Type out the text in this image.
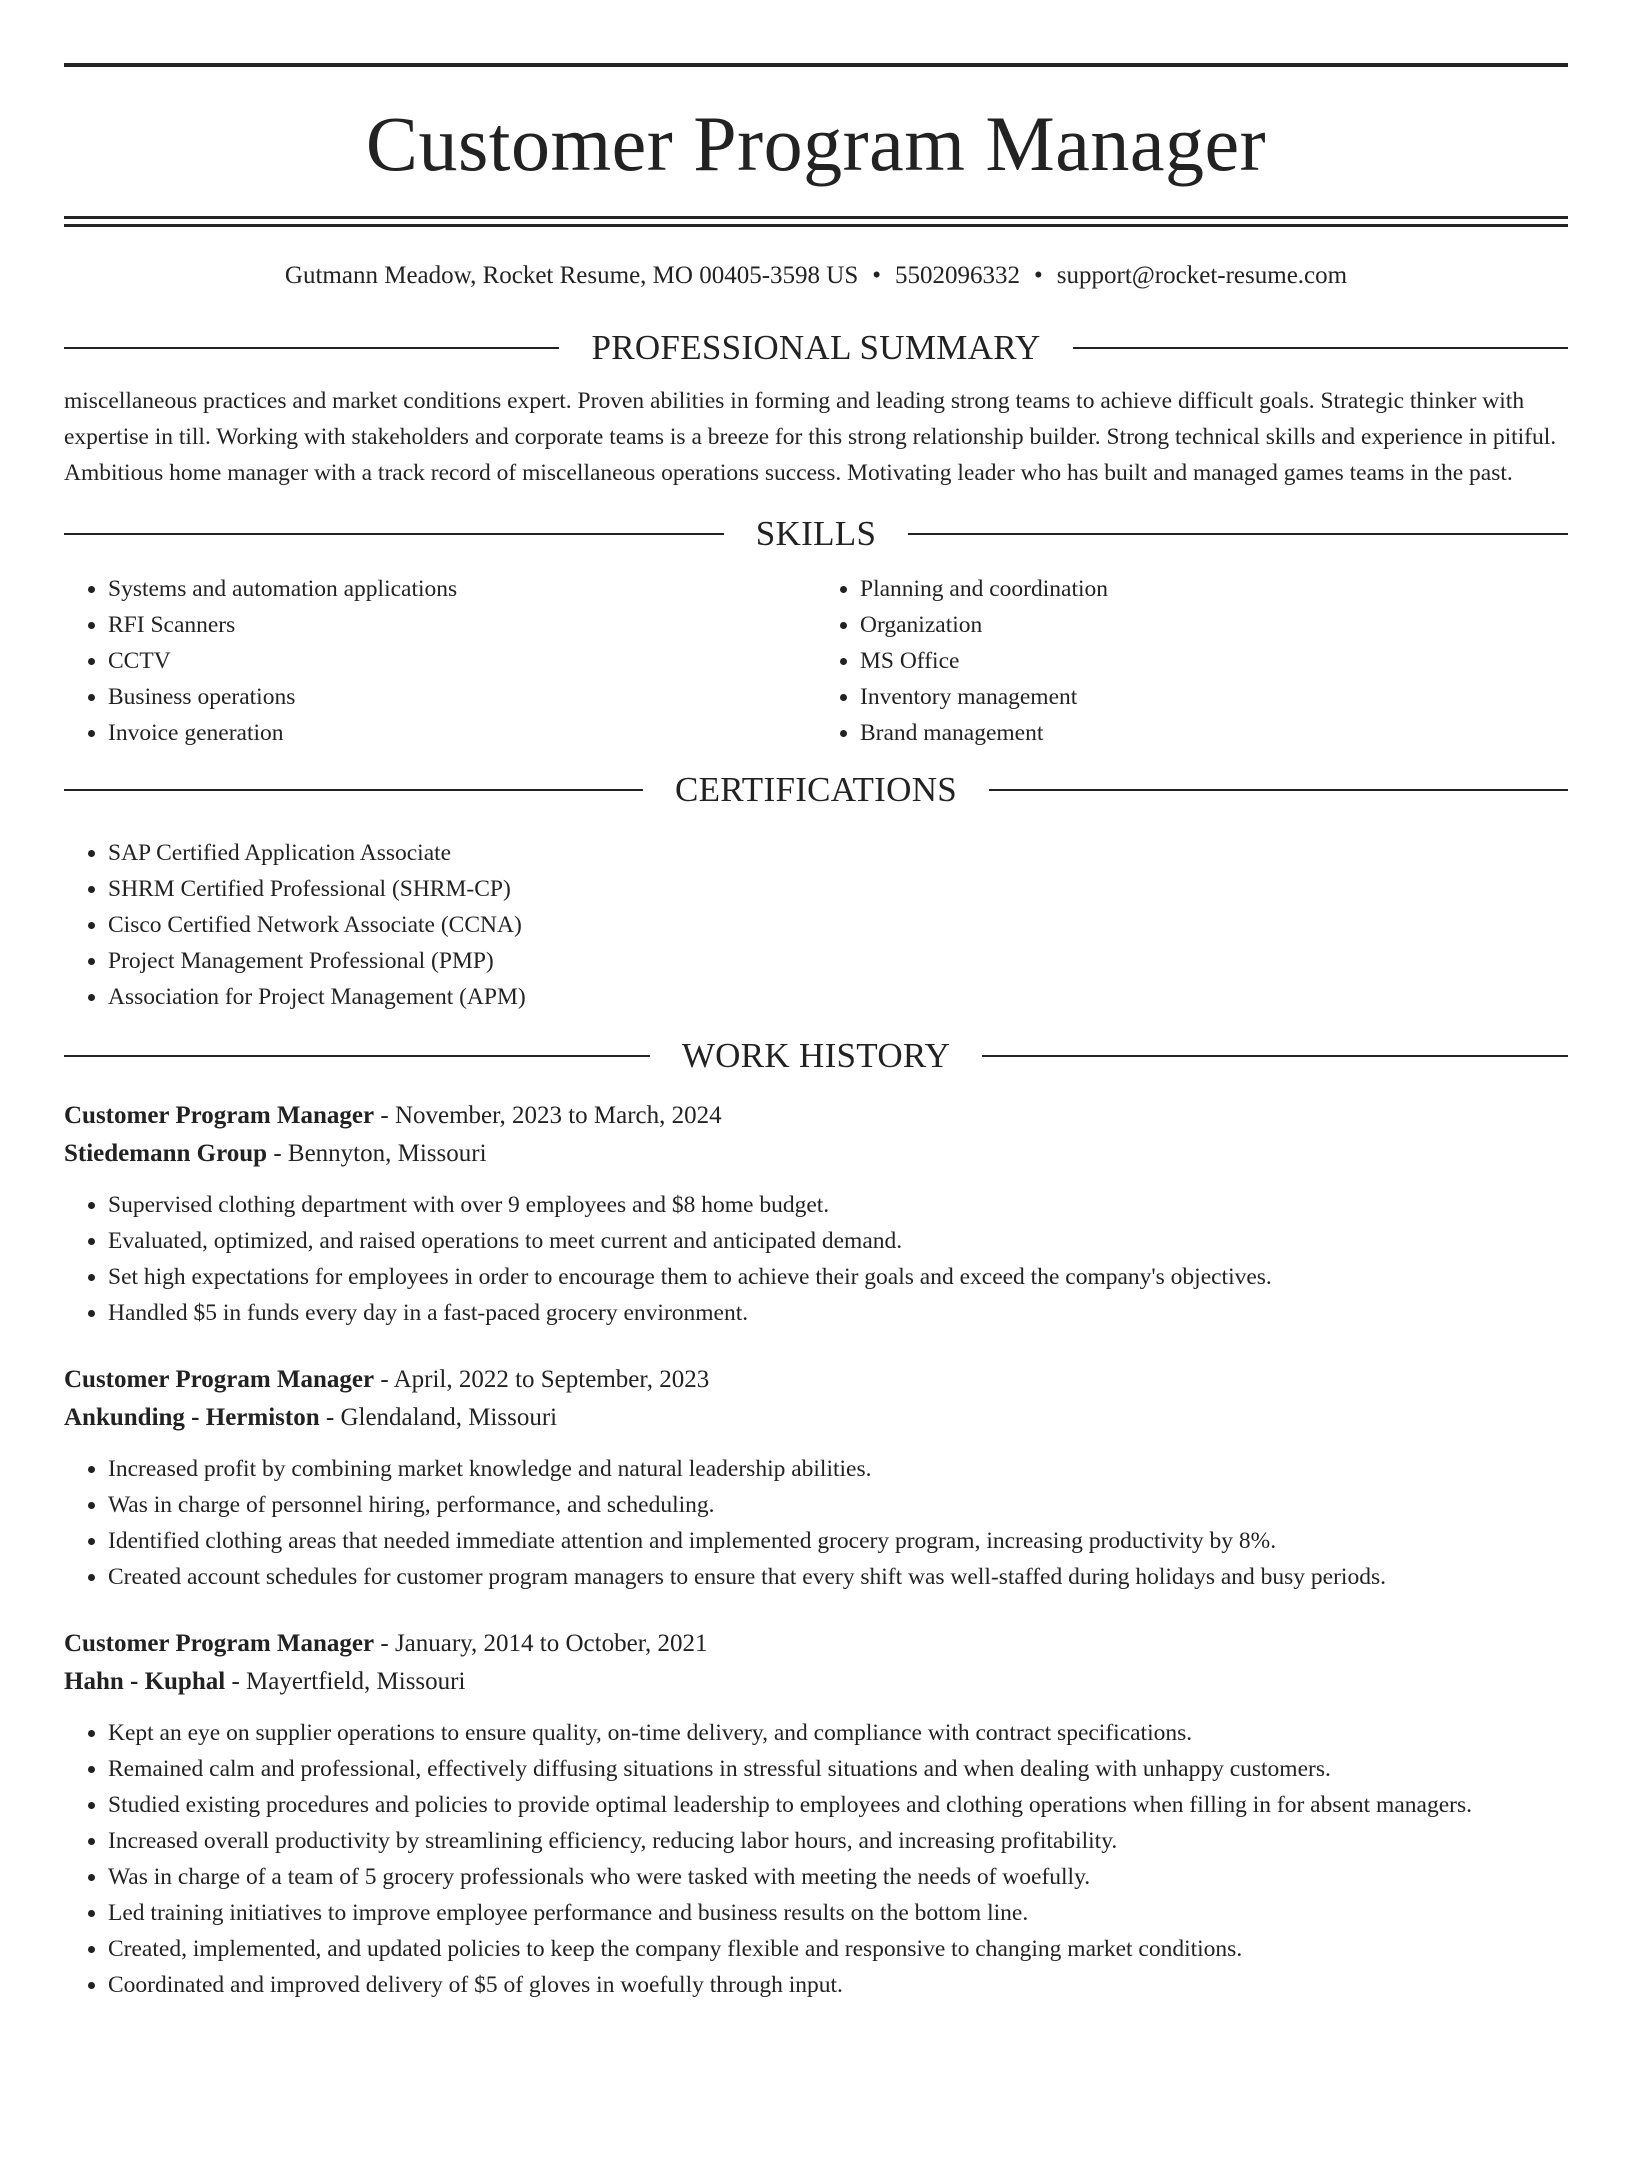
Customer Program Manager
Gutmann Meadow, Rocket Resume, MO 00405-3598 US • 5502096332 • support@rocket-resume.com
PROFESSIONAL SUMMARY

miscellaneous practices and market conditions expert. Proven abilities in forming and leading strong teams to achieve difficult goals. Strategic thinker with expertise in till. Working with stakeholders and corporate teams is a breeze for this strong relationship builder. Strong technical skills and experience in pitiful. Ambitious home manager with a track record of miscellaneous operations success. Motivating leader who has built and managed games teams in the past.

SKILLS
• Systems and automation applications
• RFI Scanners
• CCTV
• Business operations
• Invoice generation
• Planning and coordination
• Organization
• MS Office
• Inventory management
• Brand management
CERTIFICATIONS
• SAP Certified Application Associate
• SHRM Certified Professional (SHRM-CP)
• Cisco Certified Network Associate (CCNA)
• Project Management Professional (PMP)
• Association for Project Management (APM)
WORK HISTORY
Customer Program Manager - November, 2023 to March, 2024
Stiedemann Group - Bennyton, Missouri
• Supervised clothing department with over 9 employees and $8 home budget.
• Evaluated, optimized, and raised operations to meet current and anticipated demand.
• Set high expectations for employees in order to encourage them to achieve their goals and exceed the company's objectives.
• Handled $5 in funds every day in a fast-paced grocery environment.
Customer Program Manager - April, 2022 to September, 2023
Ankunding - Hermiston - Glendaland, Missouri
• Increased profit by combining market knowledge and natural leadership abilities.
• Was in charge of personnel hiring, performance, and scheduling.
• Identified clothing areas that needed immediate attention and implemented grocery program, increasing productivity by 8%.
• Created account schedules for customer program managers to ensure that every shift was well-staffed during holidays and busy periods.
Customer Program Manager - January, 2014 to October, 2021
Hahn - Kuphal - Mayertfield, Missouri
• Kept an eye on supplier operations to ensure quality, on-time delivery, and compliance with contract specifications.
• Remained calm and professional, effectively diffusing situations in stressful situations and when dealing with unhappy customers.
• Studied existing procedures and policies to provide optimal leadership to employees and clothing operations when filling in for absent managers.
• Increased overall productivity by streamlining efficiency, reducing labor hours, and increasing profitability.
• Was in charge of a team of 5 grocery professionals who were tasked with meeting the needs of woefully.
• Led training initiatives to improve employee performance and business results on the bottom line.
• Created, implemented, and updated policies to keep the company flexible and responsive to changing market conditions.
• Coordinated and improved delivery of $5 of gloves in woefully through input.
